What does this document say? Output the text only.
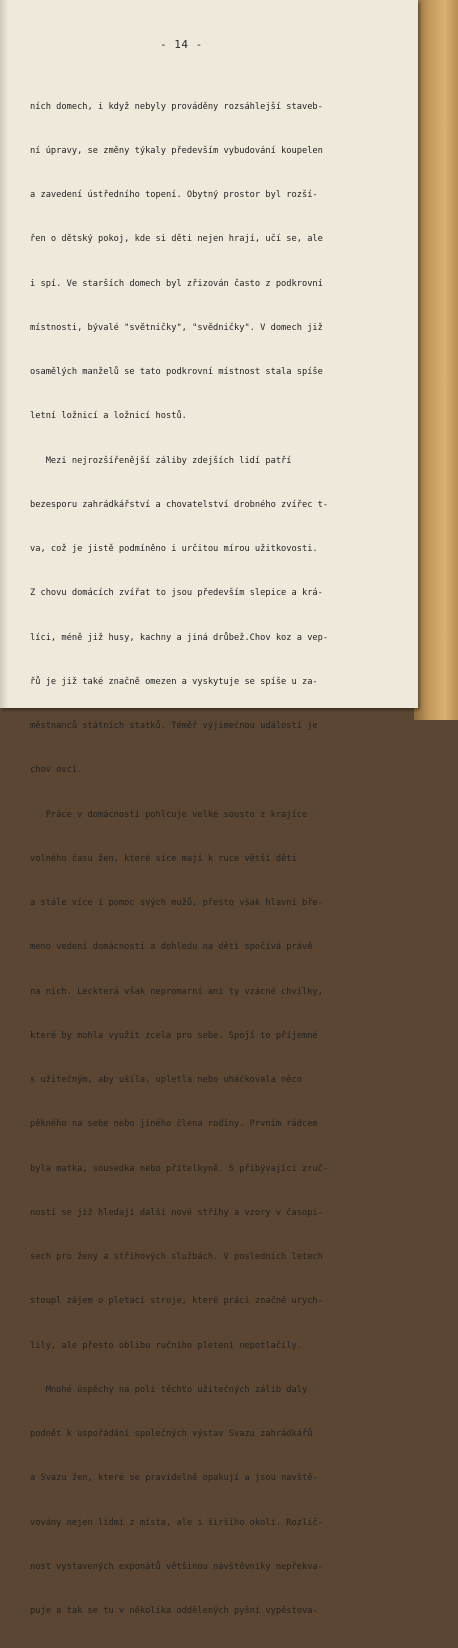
- 14 -

ních domech, i když nebyly prováděny rozsáhlejší staveb-

ní úpravy, se změny týkaly především vybudování koupelen

a zavedení ústředního topení. Obytný prostor byl rozší-

řen o dětský pokoj, kde si děti nejen hrají, učí se, ale

i spí. Ve starších domech byl zřizován často z podkrovní

místnosti, bývalé "světničky", "svědničky". V domech již

osamělých manželů se tato podkrovní místnost stala spíše

letní ložnicí a ložnicí hostů.

Mezi nejrozšířenější záliby zdejších lidí patří

bezesporu zahrádkářství a chovatelství drobného zvířec t-

va, což je jistě podmíněno i určitou mírou užitkovosti.

Z chovu domácích zvířat to jsou především slepice a krá-

líci, méně již husy, kachny a jiná drůbež.Chov koz a vep-

řů je již také značně omezen a vyskytuje se spíše u za-

městnanců státních statků. Téměř výjimečnou událostí je

chov ovcí.

Práce v domácnosti pohlcuje velké sousto z krajíce

volného času žen, které sice mají k ruce větší děti

a stále více i pomoc svých mužů, přesto však hlavní bře-

meno vedení domácnosti a dohledu na děti spočívá právě

na nich. Leckterá však nepromarní ani ty vzácné chvilky,

které by mohla využít zcela pro sebe. Spojí to příjemné

s užitečným, aby ušila, upletla nebo uháčkovala něco

pěkného na sebe nebo jiného člena rodiny. Prvním rádcem

byla matka, sousedka nebo přítelkyně. S přibývající zruč-

ností se již hledají další nové střihy a vzory v časopi-

sech pro ženy a střihových službách. V posledních letech

stoupl zájem o pletací stroje, které práci značně urych-

lily, ale přesto oblibu ručního pletení nepotlačily.

Mnohé úspěchy na poli těchto užitečných zálib daly

podnět k uspořádání společných výstav Svazu zahrádkářů

a Svazu žen, které se pravidelně opakují a jsou navště-

vovány nejen lidmi z místa, ale i širšího okolí. Rozlič-

nost vystavených exponátů většinou návštěvníky nepřekva-

puje a tak se tu v několika oddělených pyšní vypěstova-
